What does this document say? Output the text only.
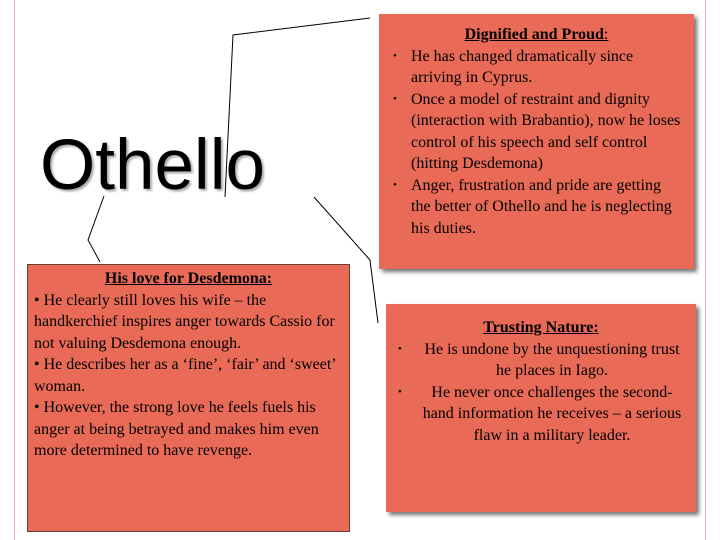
Othello
Dignified and Proud:
• He has changed dramatically since arriving in Cyprus.
• Once a model of restraint and dignity (interaction with Brabantio), now he loses control of his speech and self control (hitting Desdemona)
• Anger, frustration and pride are getting the better of Othello and he is neglecting his duties.
His love for Desdemona:
• He clearly still loves his wife – the handkerchief inspires anger towards Cassio for not valuing Desdemona enough.
• He describes her as a ‘fine’, ‘fair’ and ‘sweet’ woman.
• However, the strong love he feels fuels his anger at being betrayed and makes him even more determined to have revenge.
Trusting Nature:
• He is undone by the unquestioning trust he places in Iago.
• He never once challenges the second-hand information he receives – a serious flaw in a military leader.
